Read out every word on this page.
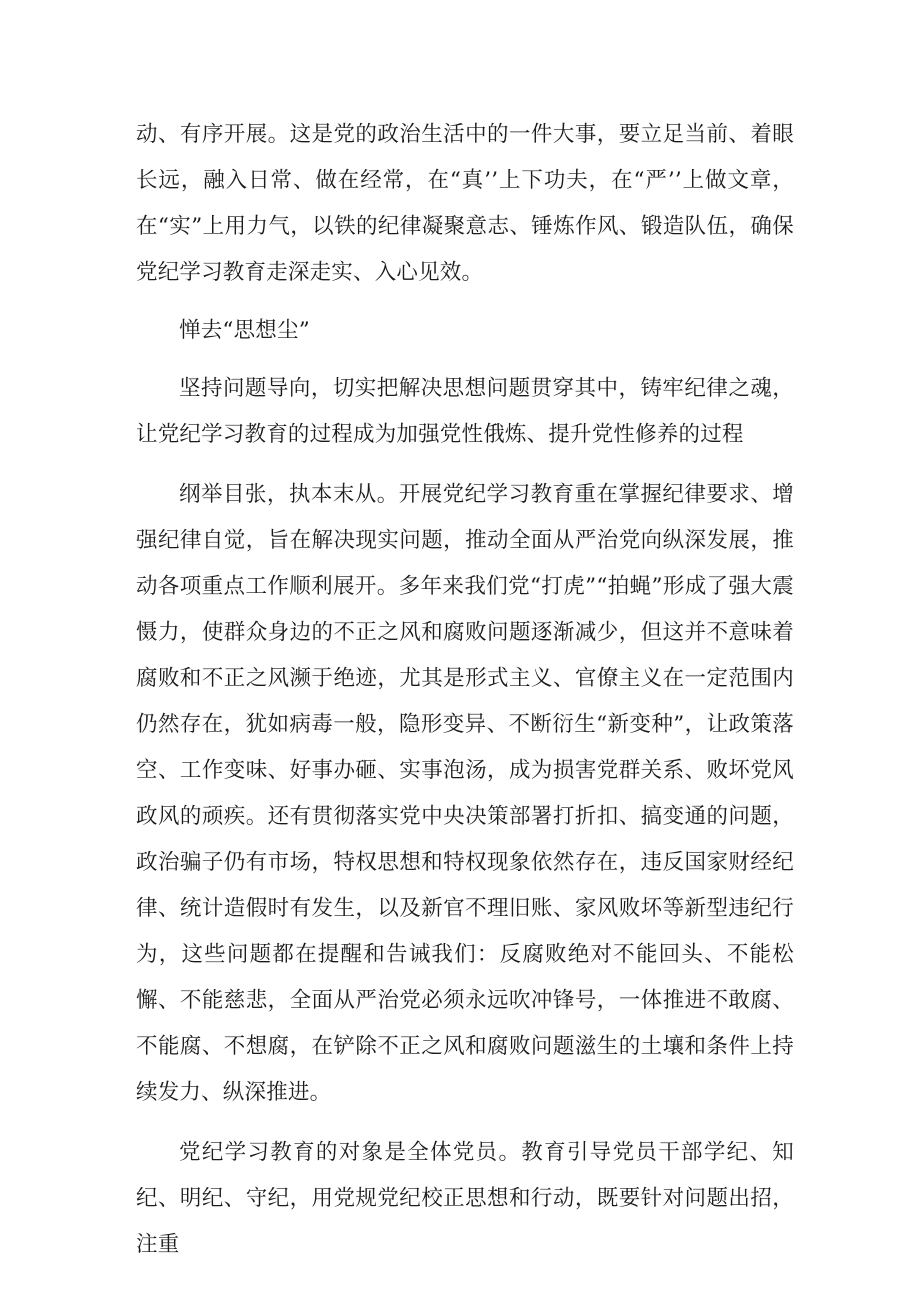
动、有序开展。这是党的政治生活中的一件大事，要立足当前、着眼长远，融入日常、做在经常，在“真’’上下功夫，在“严’’上做文章，在“实”上用力气，以铁的纪律凝聚意志、锤炼作风、锻造队伍，确保党纪学习教育走深走实、入心见效。

惮去“思想尘”

坚持问题导向，切实把解决思想问题贯穿其中，铸牢纪律之魂，让党纪学习教育的过程成为加强党性俄炼、提升党性修养的过程

纲举目张，执本末从。开展党纪学习教育重在掌握纪律要求、增强纪律自觉，旨在解决现实问题，推动全面从严治党向纵深发展，推动各项重点工作顺利展开。多年来我们党“打虎”“拍蝇”形成了强大震慑力，使群众身边的不正之风和腐败问题逐渐减少，但这并不意味着腐败和不正之风濒于绝迹，尤其是形式主义、官僚主义在一定范围内仍然存在，犹如病毒一般，隐形变异、不断衍生“新变种”，让政策落空、工作变味、好事办砸、实事泡汤，成为损害党群关系、败坏党风政风的顽疾。还有贯彻落实党中央决策部署打折扣、搞变通的问题，政治骗子仍有市场，特权思想和特权现象依然存在，违反国家财经纪律、统计造假时有发生，以及新官不理旧账、家风败坏等新型违纪行为，这些问题都在提醒和告诫我们：反腐败绝对不能回头、不能松懈、不能慈悲，全面从严治党必须永远吹冲锋号，一体推进不敢腐、不能腐、不想腐，在铲除不正之风和腐败问题滋生的土壤和条件上持续发力、纵深推进。

党纪学习教育的对象是全体党员。教育引导党员干部学纪、知纪、明纪、守纪，用党规党纪校正思想和行动，既要针对问题出招，注重
